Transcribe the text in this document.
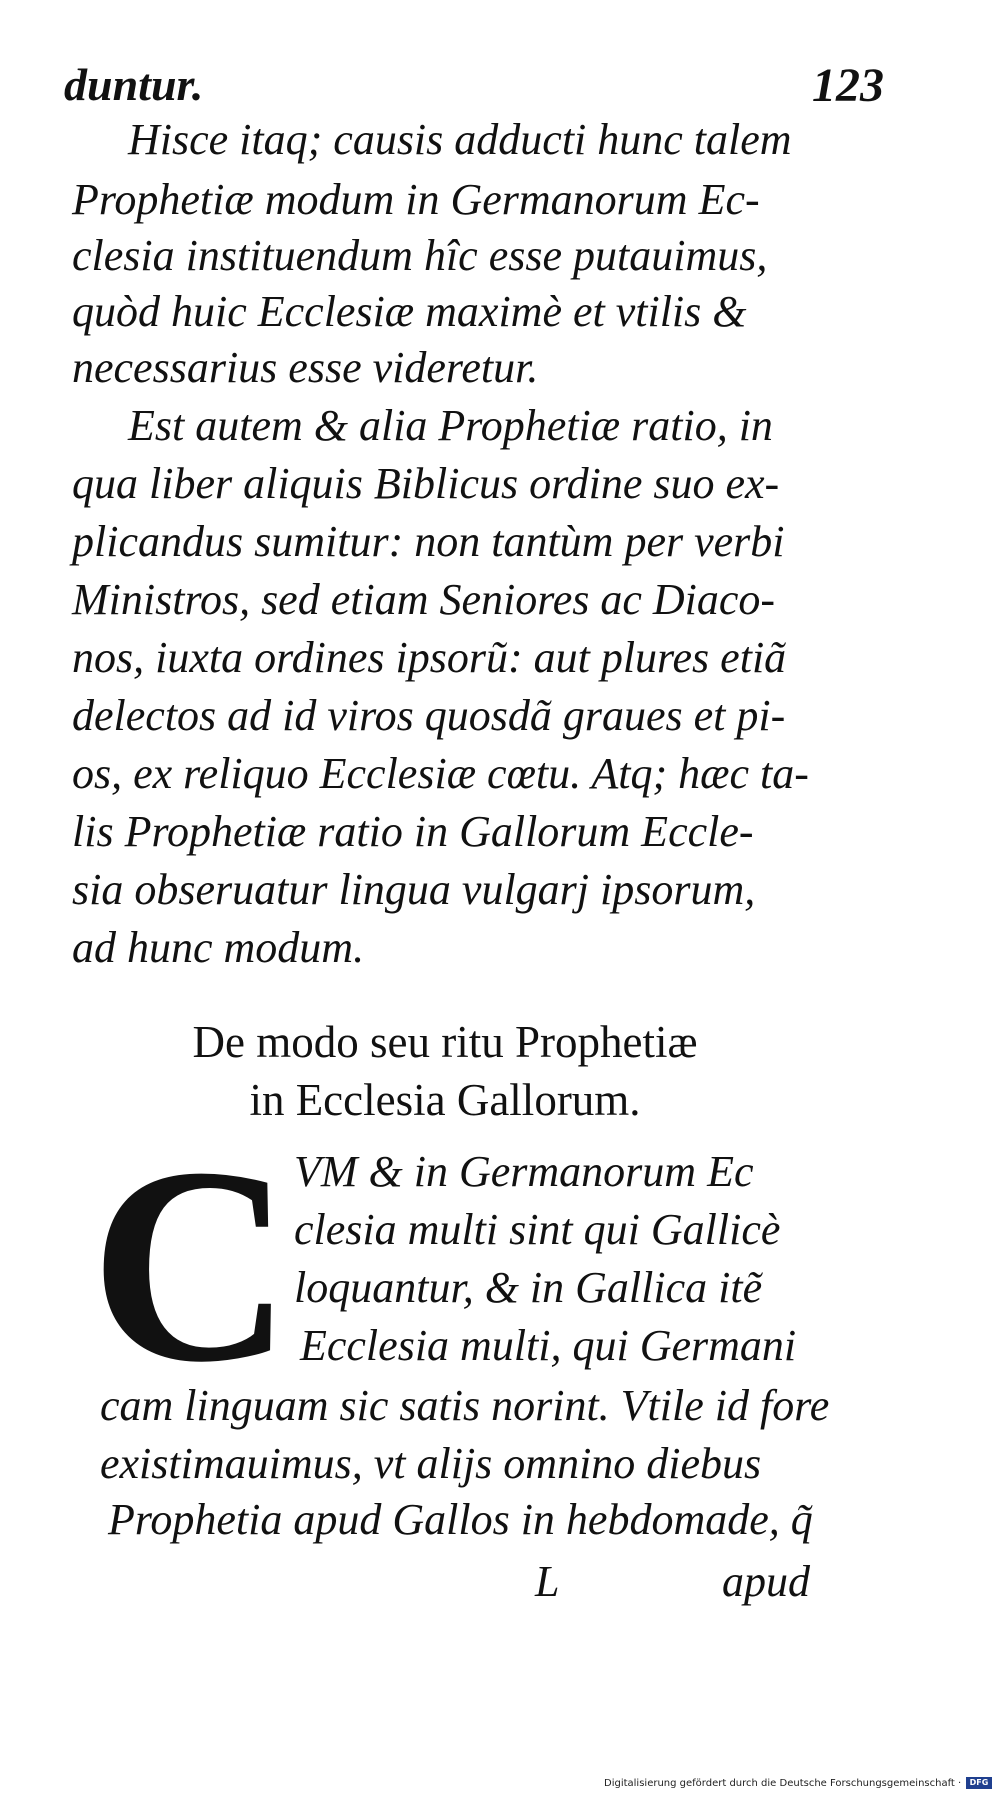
duntur.	123
Hisce itaq; causis adducti hunc talem
Prophetiæ modum in Germanorum Ec-
clesia instituendum hîc esse putauimus,
quòd huic Ecclesiæ maximè et vtilis &
necessarius esse videretur.
Est autem & alia Prophetiæ ratio, in
qua liber aliquis Biblicus ordine suo ex-
plicandus sumitur: non tantùm per verbi
Ministros, sed etiam Seniores ac Diaco-
nos, iuxta ordines ipsorũ: aut plures etiã
delectos ad id viros quosdã graues et pi-
os, ex reliquo Ecclesiæ cœtu. Atq; hæc ta-
lis Prophetiæ ratio in Gallorum Eccle-
sia obseruatur lingua vulgarj ipsorum,
ad hunc modum.
De modo seu ritu Prophetiæ
in Ecclesia Gallorum.
C VM & in Germanorum Ec
clesia multi sint qui Gallicè
loquantur, & in Gallica itẽ
Ecclesia multi, qui Germani
cam linguam sic satis norint. Vtile id fore
existimauimus, vt alijs omnino diebus
Prophetia apud Gallos in hebdomade, q̃
L	apud
Digitalisierung gefördert durch die Deutsche Forschungsgemeinschaft ·	DFG
